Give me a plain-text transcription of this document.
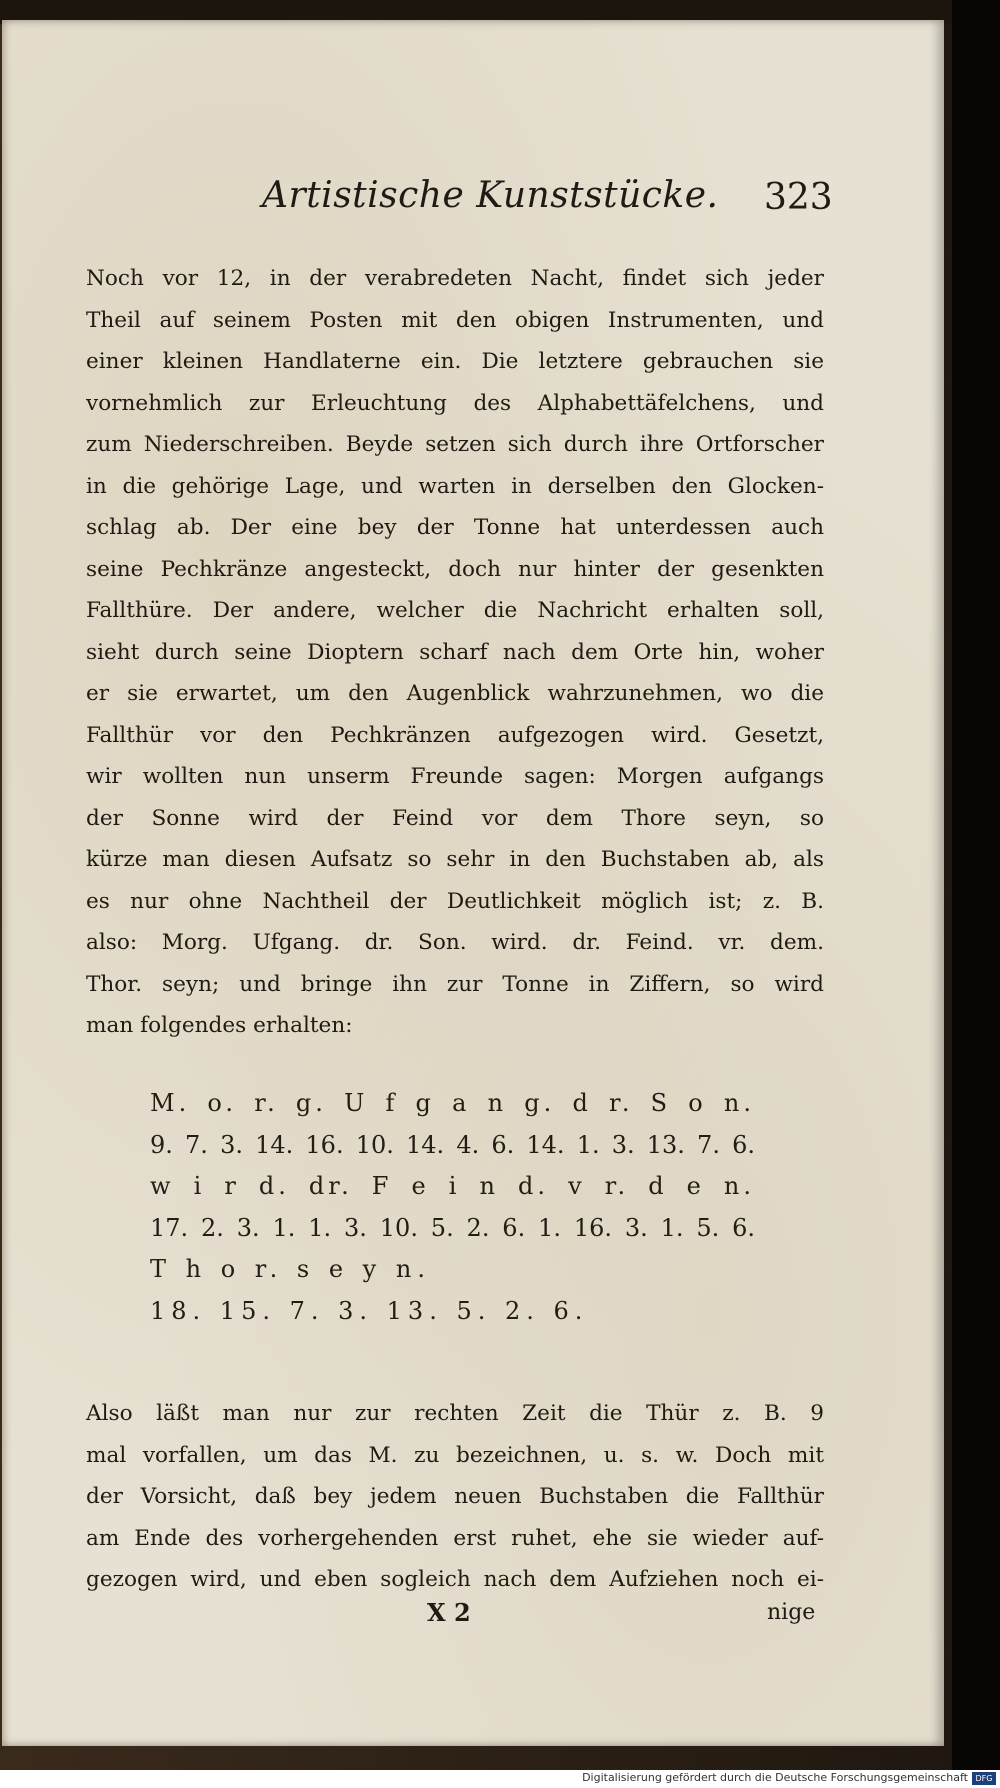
Artistische Kunststücke. 323
Noch vor 12, in der verabredeten Nacht, findet sich jeder
Theil auf seinem Posten mit den obigen Instrumenten, und
einer kleinen Handlaterne ein. Die letztere gebrauchen sie
vornehmlich zur Erleuchtung des Alphabettäfelchens, und
zum Niederschreiben. Beyde setzen sich durch ihre Ortforscher
in die gehörige Lage, und warten in derselben den Glocken-
schlag ab. Der eine bey der Tonne hat unterdessen auch
seine Pechkränze angesteckt, doch nur hinter der gesenkten
Fallthüre. Der andere, welcher die Nachricht erhalten soll,
sieht durch seine Dioptern scharf nach dem Orte hin, woher
er sie erwartet, um den Augenblick wahrzunehmen, wo die
Fallthür vor den Pechkränzen aufgezogen wird. Gesetzt,
wir wollten nun unserm Freunde sagen: Morgen aufgangs
der Sonne wird der Feind vor dem Thore seyn, so
kürze man diesen Aufsatz so sehr in den Buchstaben ab, als
es nur ohne Nachtheil der Deutlichkeit möglich ist; z. B.
also: Morg. Ufgang. dr. Son. wird. dr. Feind. vr. dem.
Thor. seyn; und bringe ihn zur Tonne in Ziffern, so wird
man folgendes erhalten:
M. o. r. g. U f g a n g. d r. S o n.
9. 7. 3. 14. 16. 10. 14. 4. 6. 14. 1. 3. 13. 7. 6.
w i r d. dr. F e i n d. v r. d e n.
17. 2. 3. 1. 1. 3. 10. 5. 2. 6. 1. 16. 3. 1. 5. 6.
T h o r. s e y n.
18. 15. 7. 3. 13. 5. 2. 6.
Also läßt man nur zur rechten Zeit die Thür z. B. 9
mal vorfallen, um das M. zu bezeichnen, u. s. w. Doch mit
der Vorsicht, daß bey jedem neuen Buchstaben die Fallthür
am Ende des vorhergehenden erst ruhet, ehe sie wieder auf-
gezogen wird, und eben sogleich nach dem Aufziehen noch ei-
X 2	nige
Digitalisierung gefördert durch die Deutsche Forschungsgemeinschaft DFG
